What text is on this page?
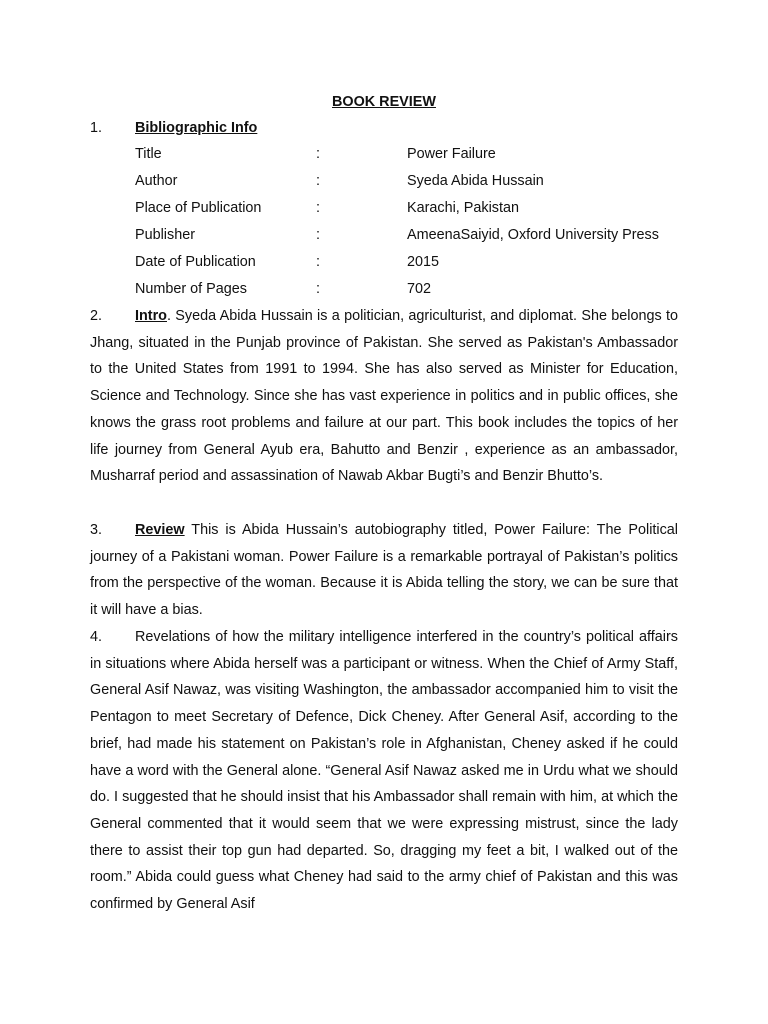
BOOK REVIEW
1. Bibliographic Info
Title	:	Power Failure
Author	:	Syeda Abida Hussain
Place of Publication	:	Karachi, Pakistan
Publisher	:	AmeenaSaiyid, Oxford University Press
Date of Publication	:	2015
Number of Pages	:	702

2. Intro. Syeda Abida Hussain is a politician, agriculturist, and diplomat. She belongs to Jhang, situated in the Punjab province of Pakistan. She served as Pakistan's Ambassador to the United States from 1991 to 1994. She has also served as Minister for Education, Science and Technology. Since she has vast experience in politics and in public offices, she knows the grass root problems and failure at our part. This book includes the topics of her life journey from General Ayub era, Bahutto and Benzir , experience as an ambassador, Musharraf period and assassination of Nawab Akbar Bugti’s and Benzir Bhutto’s.

3. Review This is Abida Hussain’s autobiography titled, Power Failure: The Political journey of a Pakistani woman. Power Failure is a remarkable portrayal of Pakistan’s politics from the perspective of the woman. Because it is Abida telling the story, we can be sure that it will have a bias.

4. Revelations of how the military intelligence interfered in the country’s political affairs in situations where Abida herself was a participant or witness. When the Chief of Army Staff, General Asif Nawaz, was visiting Washington, the ambassador accompanied him to visit the Pentagon to meet Secretary of Defence, Dick Cheney. After General Asif, according to the brief, had made his statement on Pakistan’s role in Afghanistan, Cheney asked if he could have a word with the General alone. “General Asif Nawaz asked me in Urdu what we should do. I suggested that he should insist that his Ambassador shall remain with him, at which the General commented that it would seem that we were expressing mistrust, since the lady there to assist their top gun had departed. So, dragging my feet a bit, I walked out of the room.” Abida could guess what Cheney had said to the army chief of Pakistan and this was confirmed by General Asif
